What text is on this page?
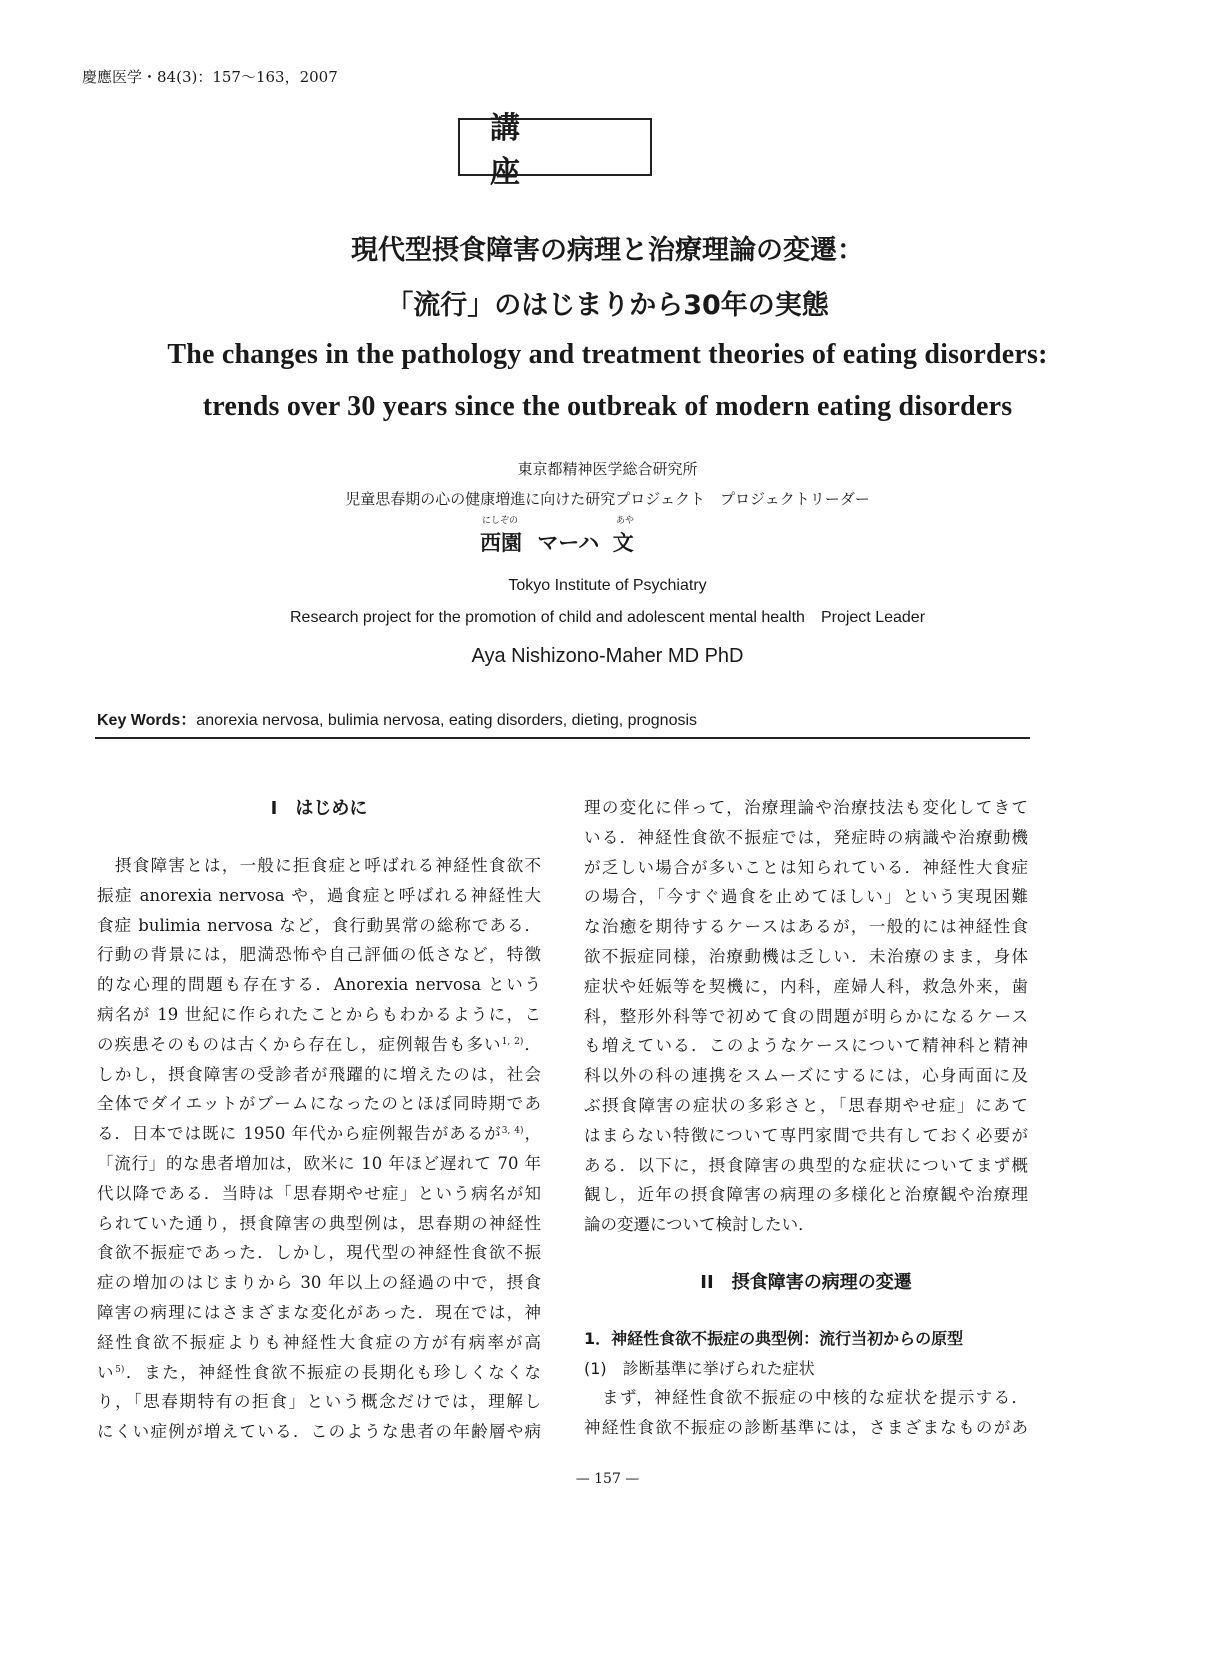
慶應医学・84(3)：157〜163，2007
講 座
現代型摂食障害の病理と治療理論の変遷：
「流行」のはじまりから30年の実態
The changes in the pathology and treatment theories of eating disorders:
trends over 30 years since the outbreak of modern eating disorders
東京都精神医学総合研究所
児童思春期の心の健康増進に向けた研究プロジェクト　プロジェクトリーダー
にしぞの	あや
西園 マーハ 文
Tokyo Institute of Psychiatry
Research project for the promotion of child and adolescent mental health　Project Leader
Aya Nishizono-Maher MD PhD
Key Words：anorexia nervosa, bulimia nervosa, eating disorders, dieting, prognosis
I　はじめに
摂食障害とは，一般に拒食症と呼ばれる神経性食欲不
振症 anorexia nervosa や，過食症と呼ばれる神経性大
食症 bulimia nervosa など，食行動異常の総称である．
行動の背景には，肥満恐怖や自己評価の低さなど，特徴
的な心理的問題も存在する．Anorexia nervosa という
病名が 19 世紀に作られたことからもわかるように，こ
の疾患そのものは古くから存在し，症例報告も多い$^{1, 2)}$．
しかし，摂食障害の受診者が飛躍的に増えたのは，社会
全体でダイエットがブームになったのとほぼ同時期であ
る．日本では既に 1950 年代から症例報告があるが$^{3, 4)}$，
「流行」的な患者増加は，欧米に 10 年ほど遅れて 70 年
代以降である．当時は「思春期やせ症」という病名が知
られていた通り，摂食障害の典型例は，思春期の神経性
食欲不振症であった．しかし，現代型の神経性食欲不振
症の増加のはじまりから 30 年以上の経過の中で，摂食
障害の病理にはさまざまな変化があった．現在では，神
経性食欲不振症よりも神経性大食症の方が有病率が高
い$^{5)}$．また，神経性食欲不振症の長期化も珍しくなくな
り，「思春期特有の拒食」という概念だけでは，理解し
にくい症例が増えている．このような患者の年齢層や病
理の変化に伴って，治療理論や治療技法も変化してきて
いる．神経性食欲不振症では，発症時の病識や治療動機
が乏しい場合が多いことは知られている．神経性大食症
の場合，「今すぐ過食を止めてほしい」という実現困難
な治癒を期待するケースはあるが，一般的には神経性食
欲不振症同様，治療動機は乏しい．未治療のまま，身体
症状や妊娠等を契機に，内科，産婦人科，救急外来，歯
科，整形外科等で初めて食の問題が明らかになるケース
も増えている．このようなケースについて精神科と精神
科以外の科の連携をスムーズにするには，心身両面に及
ぶ摂食障害の症状の多彩さと，「思春期やせ症」にあて
はまらない特徴について専門家間で共有しておく必要が
ある．以下に，摂食障害の典型的な症状についてまず概
観し，近年の摂食障害の病理の多様化と治療観や治療理
論の変遷について検討したい．
II　摂食障害の病理の変遷
1．神経性食欲不振症の典型例：流行当初からの原型
(1)　診断基準に挙げられた症状
まず，神経性食欲不振症の中核的な症状を提示する．
神経性食欲不振症の診断基準には，さまざまなものがあ
— 157 —
